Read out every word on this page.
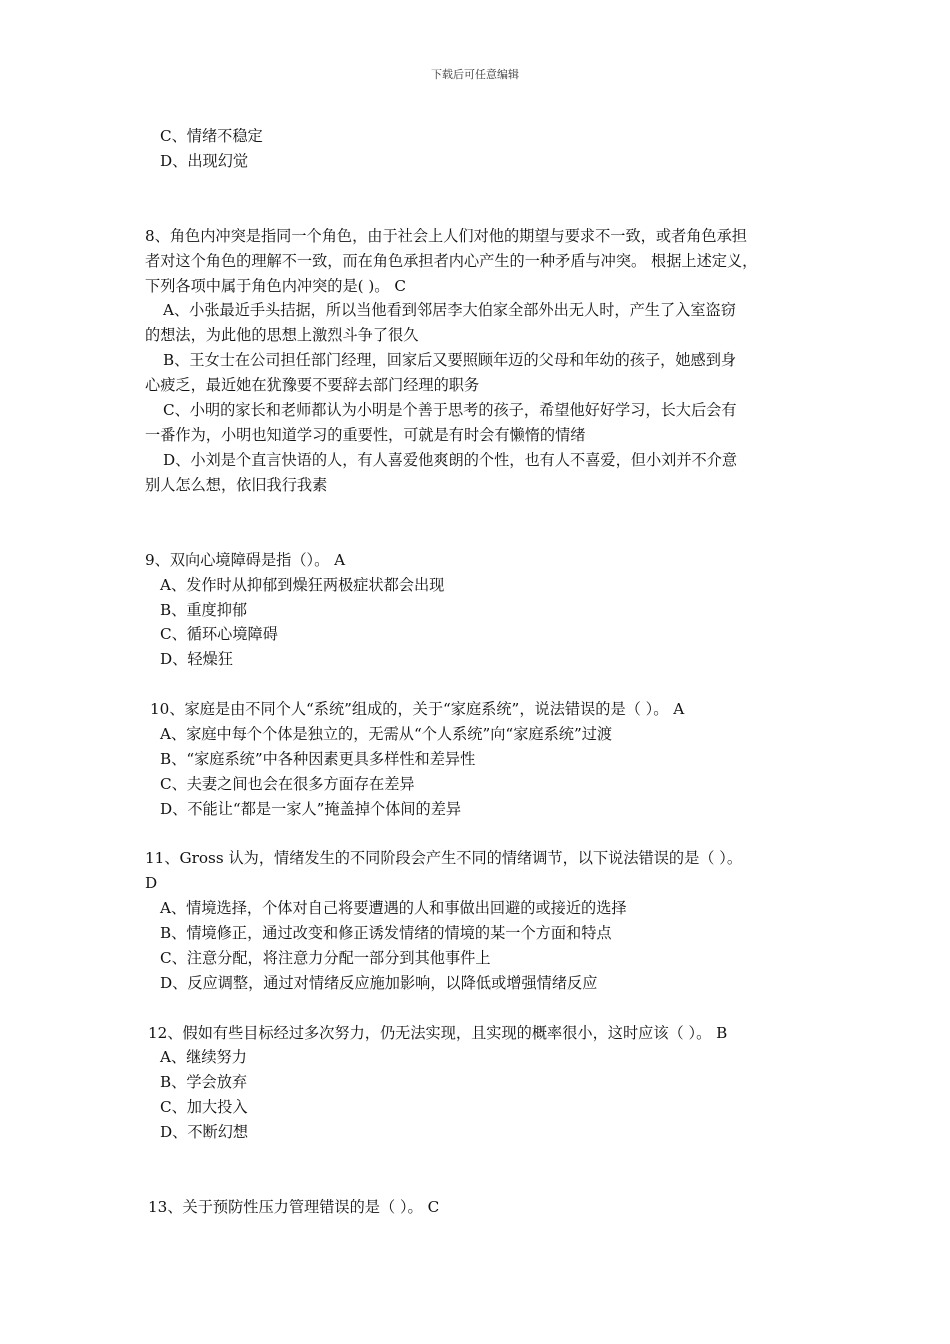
下载后可任意编辑
C、情绪不稳定
D、出现幻觉
8、角色内冲突是指同一个角色，由于社会上人们对他的期望与要求不一致，或者角色承担
者对这个角色的理解不一致，而在角色承担者内心产生的一种矛盾与冲突。 根据上述定义，
下列各项中属于角色内冲突的是( )。 C
A、小张最近手头拮据，所以当他看到邻居李大伯家全部外出无人时，产生了入室盗窃
的想法，为此他的思想上激烈斗争了很久
B、王女士在公司担任部门经理，回家后又要照顾年迈的父母和年幼的孩子，她感到身
心疲乏，最近她在犹豫要不要辞去部门经理的职务
C、小明的家长和老师都认为小明是个善于思考的孩子，希望他好好学习，长大后会有
一番作为，小明也知道学习的重要性，可就是有时会有懒惰的情绪
D、小刘是个直言快语的人，有人喜爱他爽朗的个性，也有人不喜爱，但小刘并不介意
别人怎么想，依旧我行我素
9、双向心境障碍是指（）。 A
A、发作时从抑郁到燥狂两极症状都会出现
B、重度抑郁
C、循环心境障碍
D、轻燥狂
10、家庭是由不同个人“系统”组成的，关于“家庭系统”，说法错误的是（ ）。 A
A、家庭中每个个体是独立的，无需从“个人系统”向“家庭系统”过渡
B、“家庭系统”中各种因素更具多样性和差异性
C、夫妻之间也会在很多方面存在差异
D、不能让“都是一家人”掩盖掉个体间的差异
11、Gross 认为，情绪发生的不同阶段会产生不同的情绪调节，以下说法错误的是（ ）。
D
A、情境选择，个体对自己将要遭遇的人和事做出回避的或接近的选择
B、情境修正，通过改变和修正诱发情绪的情境的某一个方面和特点
C、注意分配，将注意力分配一部分到其他事件上
D、反应调整，通过对情绪反应施加影响，以降低或增强情绪反应
12、假如有些目标经过多次努力，仍无法实现，且实现的概率很小，这时应该（ ）。 B
A、继续努力
B、学会放弃
C、加大投入
D、不断幻想
13、关于预防性压力管理错误的是（ ）。 C
